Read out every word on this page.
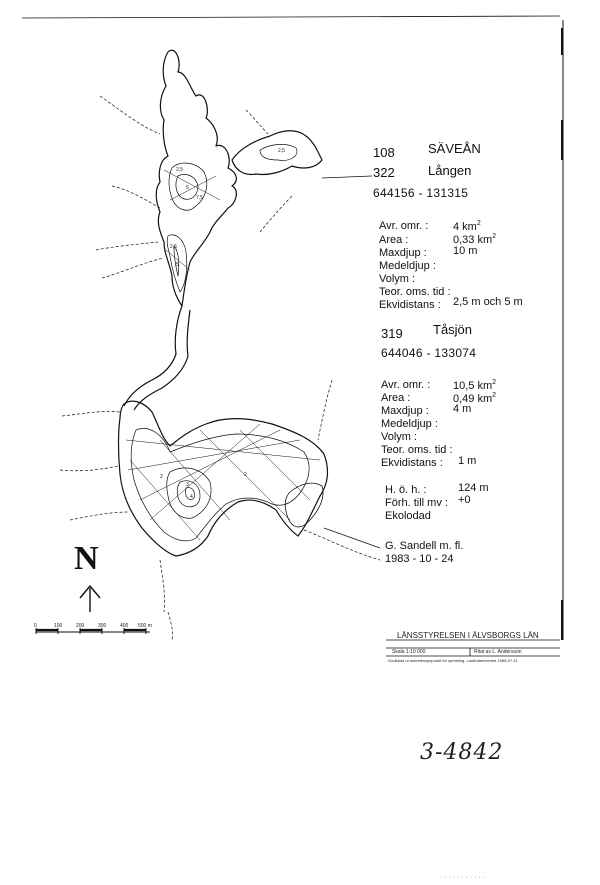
2,5
5
7,5
2,5
5
2,5
2
3
2
4
N
0	100	200	300	400 500 m
108	SÄVEÅN
322	Lången
644156 - 131315
Avr. omr. : 4 $km^2$
Area :	0,33 $km^2$
Maxdjup : 10 m
Medeldjup :
Volym :
Teor. oms. tid :
Ekvidistans : 2,5 m och 5 m
319 Tåsjön
644046 - 133074
Avr. omr. : 10,5 $km^2$
Area :	0,49 $km^2$
Maxdjup : 4 m
Medeldjup :
Volym :
Teor. oms. tid :
Ekvidistans : 1 m
H. ö. h. :	124 m
Förh. till mv : +0
Ekolodad
G. Sandell m. fl.
1983 - 10 - 24
LÄNSSTYRELSEN I ÄLVSBORGS LÄN
Skala 1:10 000	Ritat av L. Andersson
Godkänd ur sekretessynpunkt för spridning. Lantmäteriverket 1985-07-11
3-4842
· · · · · · · · · · ·
